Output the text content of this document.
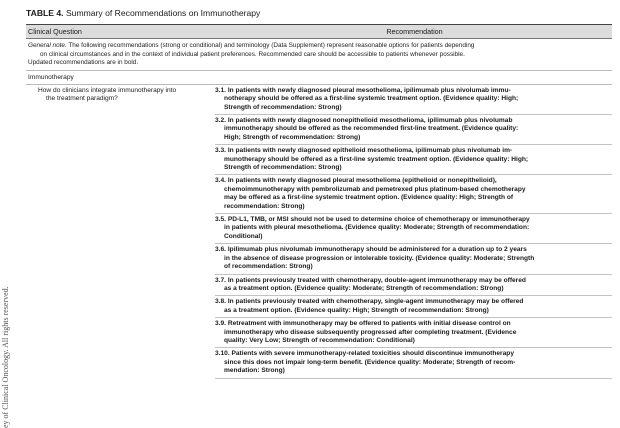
ey of Clinical Oncology. All rights reserved.
TABLE 4. Summary of Recommendations on Immunotherapy
Clinical Question	Recommendation
General note. The following recommendations (strong or conditional) and terminology (Data Supplement) represent reasonable options for patients depending
on clinical circumstances and in the context of individual patient preferences. Recommended care should be accessible to patients whenever possible.
Updated recommendations are in bold.
Immunotherapy
How do clinicians integrate immunotherapy into
the treatment paradigm?
3.1. In patients with newly diagnosed pleural mesothelioma, ipilimumab plus nivolumab immu-
notherapy should be offered as a first-line systemic treatment option. (Evidence quality: High;
Strength of recommendation: Strong)
3.2. In patients with newly diagnosed nonepithelioid mesothelioma, ipilimumab plus nivolumab
immunotherapy should be offered as the recommended first-line treatment. (Evidence quality:
High; Strength of recommendation: Strong)
3.3. In patients with newly diagnosed epithelioid mesothelioma, ipilimumab plus nivolumab im-
munotherapy should be offered as a first-line systemic treatment option. (Evidence quality: High;
Strength of recommendation: Strong)
3.4. In patients with newly diagnosed pleural mesothelioma (epithelioid or nonepithelioid),
chemoimmunotherapy with pembrolizumab and pemetrexed plus platinum-based chemotherapy
may be offered as a first-line systemic treatment option. (Evidence quality: High; Strength of
recommendation: Strong)
3.5. PD-L1, TMB, or MSI should not be used to determine choice of chemotherapy or immunotherapy
in patients with pleural mesothelioma. (Evidence quality: Moderate; Strength of recommendation:
Conditional)
3.6. Ipilimumab plus nivolumab immunotherapy should be administered for a duration up to 2 years
in the absence of disease progression or intolerable toxicity. (Evidence quality: Moderate; Strength
of recommendation: Strong)
3.7. In patients previously treated with chemotherapy, double-agent immunotherapy may be offered
as a treatment option. (Evidence quality: Moderate; Strength of recommendation: Strong)
3.8. In patients previously treated with chemotherapy, single-agent immunotherapy may be offered
as a treatment option. (Evidence quality: High; Strength of recommendation: Strong)
3.9. Retreatment with immunotherapy may be offered to patients with initial disease control on
immunotherapy who disease subsequently progressed after completing treatment. (Evidence
quality: Very Low; Strength of recommendation: Conditional)
3.10. Patients with severe immunotherapy-related toxicities should discontinue immunotherapy
since this does not impair long-term benefit. (Evidence quality: Moderate; Strength of recom-
mendation: Strong)
